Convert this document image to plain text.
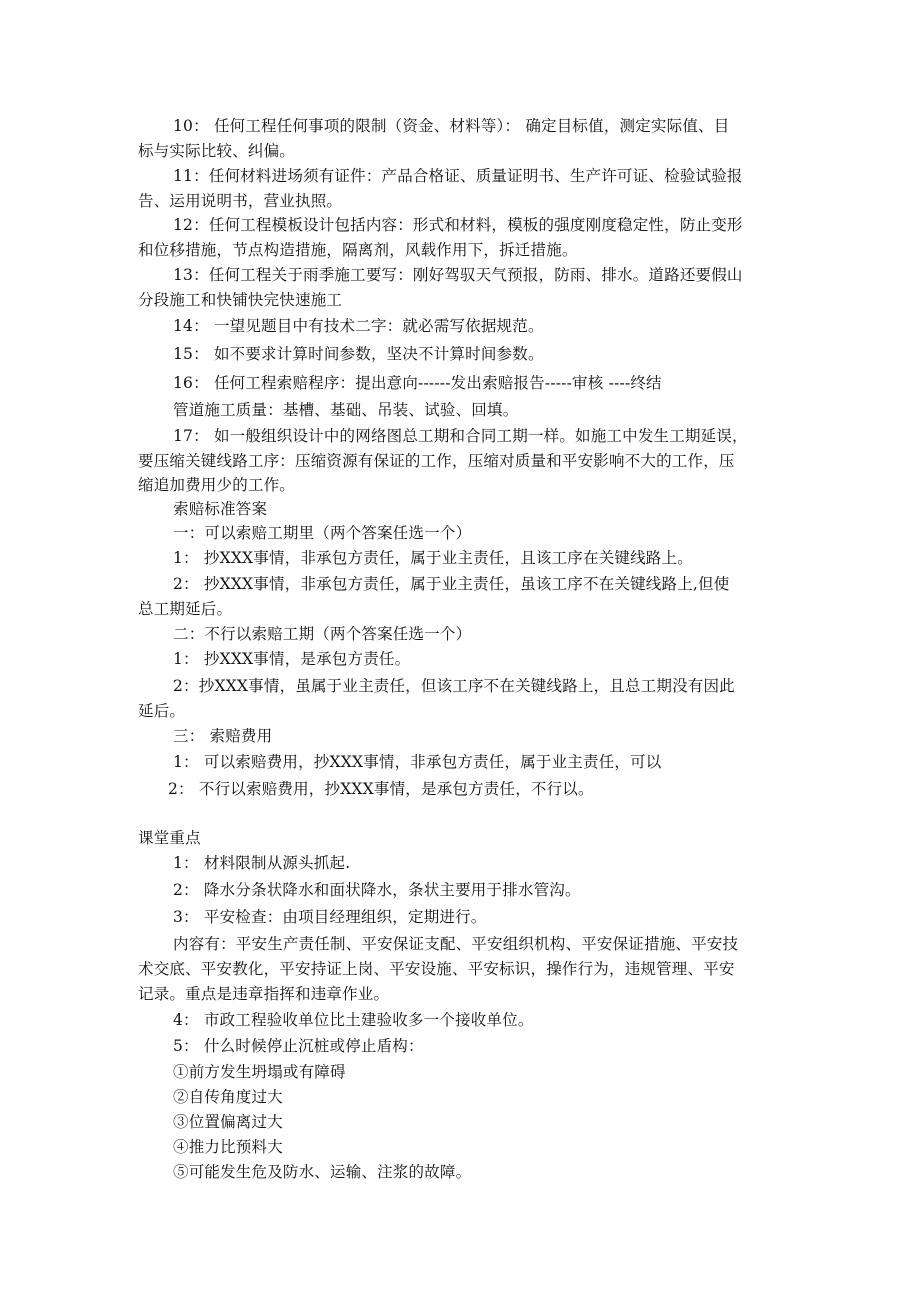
10： 任何工程任何事项的限制（资金、材料等）： 确定目标值，测定实际值、目
标与实际比较、纠偏。
11：任何材料进场须有证件：产品合格证、质量证明书、生产许可证、检验试验报
告、运用说明书，营业执照。
12：任何工程模板设计包括内容：形式和材料，模板的强度刚度稳定性，防止变形
和位移措施，节点构造措施，隔离剂，风载作用下，拆迁措施。
13：任何工程关于雨季施工要写：刚好驾驭天气预报，防雨、排水。道路还要假山
分段施工和快铺快完快速施工
14： 一望见题目中有技术二字：就必需写依据规范。
15： 如不要求计算时间参数，坚决不计算时间参数。
16： 任何工程索赔程序：提出意向------发出索赔报告-----审核 ----终结
管道施工质量：基槽、基础、吊装、试验、回填。
17： 如一般组织设计中的网络图总工期和合同工期一样。如施工中发生工期延误，
要压缩关键线路工序：压缩资源有保证的工作，压缩对质量和平安影响不大的工作，压
缩追加费用少的工作。
索赔标准答案
一：可以索赔工期里（两个答案任选一个）
1： 抄XXX事情，非承包方责任，属于业主责任，且该工序在关键线路上。
2： 抄XXX事情，非承包方责任，属于业主责任，虽该工序不在关键线路上,但使
总工期延后。
二：不行以索赔工期（两个答案任选一个）
1： 抄XXX事情，是承包方责任。
2：抄XXX事情，虽属于业主责任，但该工序不在关键线路上，且总工期没有因此
延后。
三： 索赔费用
1： 可以索赔费用，抄XXX事情，非承包方责任，属于业主责任，可以
2： 不行以索赔费用，抄XXX事情，是承包方责任，不行以。
课堂重点
1： 材料限制从源头抓起.
2： 降水分条状降水和面状降水，条状主要用于排水管沟。
3： 平安检查：由项目经理组织，定期进行。
内容有：平安生产责任制、平安保证支配、平安组织机构、平安保证措施、平安技
术交底、平安教化，平安持证上岗、平安设施、平安标识，操作行为，违规管理、平安
记录。重点是违章指挥和违章作业。
4： 市政工程验收单位比土建验收多一个接收单位。
5： 什么时候停止沉桩或停止盾构：
①前方发生坍塌或有障碍
②自传角度过大
③位置偏离过大
④推力比预料大
⑤可能发生危及防水、运输、注浆的故障。
